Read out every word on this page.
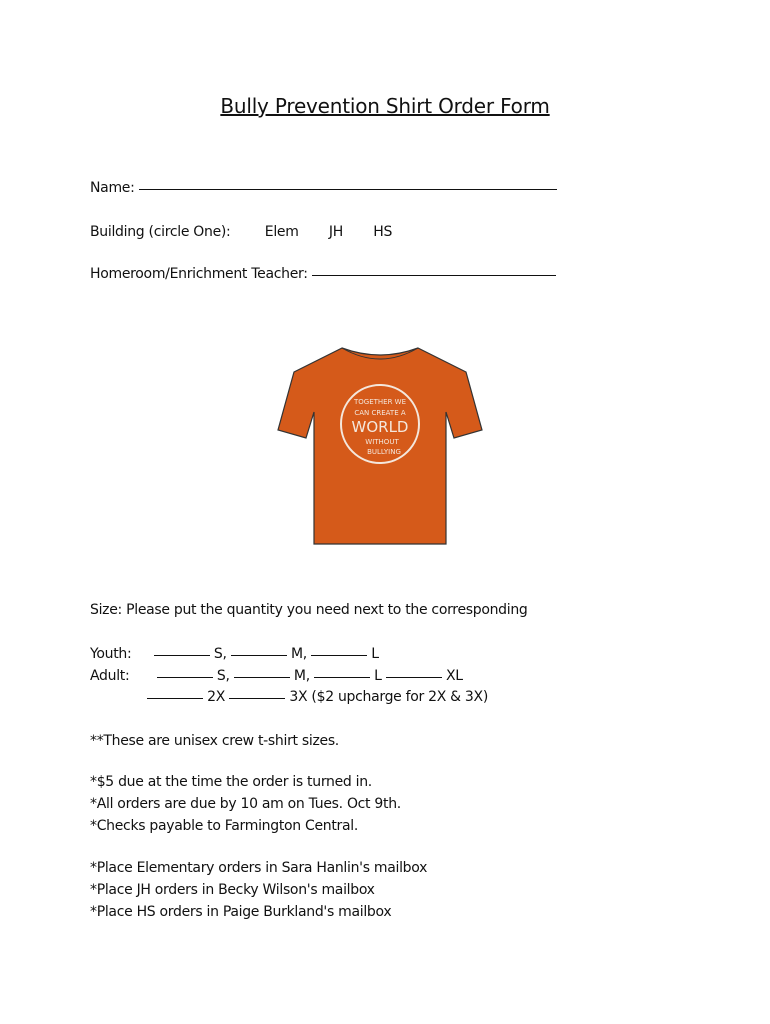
Bully Prevention Shirt Order Form
Name:
Building (circle One): Elem JH HS
Homeroom/Enrichment Teacher:
TOGETHER WE
CAN CREATE A
WORLD
WITHOUT
BULLYING
Size: Please put the quantity you need next to the corresponding
Youth:	S,	M,	L
Adult:	S,	M,	L	XL
2X	3X ($2 upcharge for 2X & 3X)
**These are unisex crew t-shirt sizes.
*$5 due at the time the order is turned in.
*All orders are due by 10 am on Tues. Oct 9th.
*Checks payable to Farmington Central.
*Place Elementary orders in Sara Hanlin's mailbox
*Place JH orders in Becky Wilson's mailbox
*Place HS orders in Paige Burkland's mailbox
